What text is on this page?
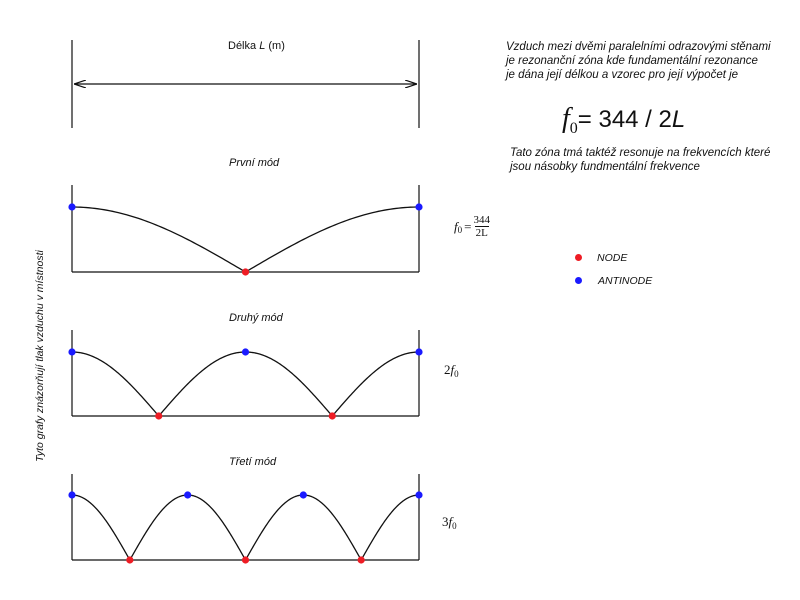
Délka L (m)	Vzduch mezi dvěmi paralelními odrazovými stěnami
je rezonanční zóna kde fundamentální rezonance
je dána její délkou a vzorec pro její výpočet je
$f_0= 344 / 2L$
Tato zóna tmá taktéž resonuje na frekvencích které
jsou násobky fundmentální frekvence
První mód
Druhý mód
Třetí mód
f $0 = \frac{344}{2L}$
$2f_0$
$3f_0$
NODE
ANTINODE
Tyto grafy znázorňují tlak vzduchu v místnosti
